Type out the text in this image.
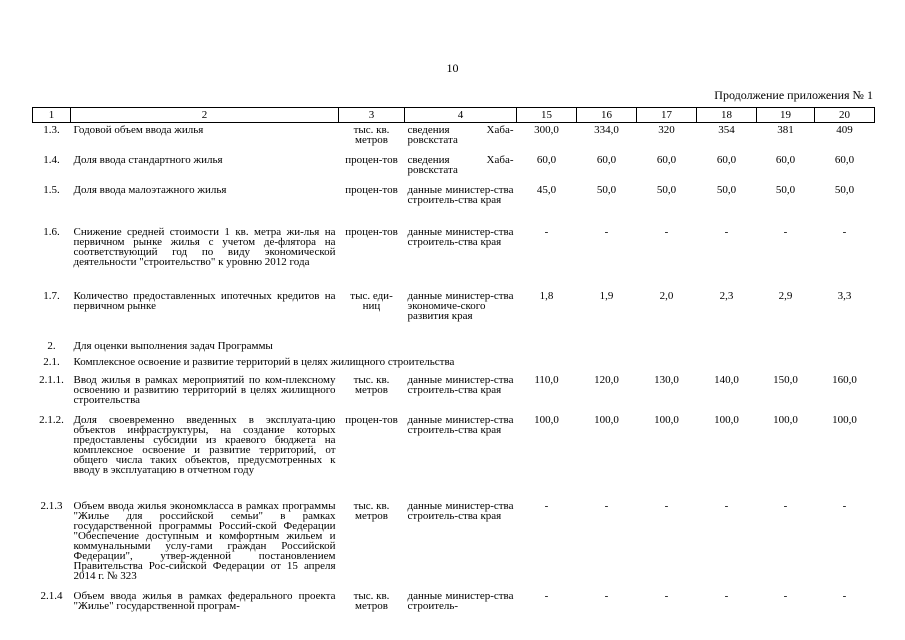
10
Продолжение приложения № 1
1	2	3	4	15	16	17	18	19	20
1.3.	Годовой объем ввода жилья	тыс. кв. метров	сведения Хаба-ровскстата	300,0	334,0	320	354	381	409
1.4.	Доля ввода стандартного жилья	процен-тов	сведения Хаба-ровскстата	60,0	60,0	60,0	60,0	60,0	60,0
1.5.	Доля ввода малоэтажного жилья	процен-тов	данные министер-ства строитель-ства края	45,0	50,0	50,0	50,0	50,0	50,0
1.6.	Снижение средней стоимости 1 кв. метра жи-лья на первичном рынке жилья с учетом де-флятора на соответствующий год по виду экономической деятельности "строительство" к уровню 2012 года	процен-тов	данные министер-ства строитель-ства края	-	-	-	-	-	-
1.7.	Количество предоставленных ипотечных кредитов на первичном рынке	тыс. еди-ниц	данные министер-ства экономиче-ского развития края	1,8	1,9	2,0	2,3	2,9	3,3
2.	Для оценки выполнения задач Программы								
2.1.	Комплексное освоение и развитие территорий в целях жилищного строительства								
2.1.1.	Ввод жилья в рамках мероприятий по ком-плексному освоению и развитию территорий в целях жилищного строительства	тыс. кв. метров	данные министер-ства строитель-ства края	110,0	120,0	130,0	140,0	150,0	160,0
2.1.2.	Доля своевременно введенных в эксплуата-цию объектов инфраструктуры, на создание которых предоставлены субсидии из краевого бюджета на комплексное освоение и развитие территорий, от общего числа таких объектов, предусмотренных к вводу в эксплуатацию в отчетном году	процен-тов	данные министер-ства строитель-ства края	100,0	100,0	100,0	100,0	100,0	100,0
2.1.3	Объем ввода жилья экономкласса в рамках программы "Жилье для российской семьи" в рамках государственной программы Россий-ской Федерации "Обеспечение доступным и комфортным жильем и коммунальными услу-гами граждан Российской Федерации", утвер-жденной постановлением Правительства Рос-сийской Федерации от 15 апреля 2014 г. № 323	тыс. кв. метров	данные министер-ства строитель-ства края	-	-	-	-	-	-
2.1.4	Объем ввода жилья в рамках федерального проекта "Жилье" государственной програм-	тыс. кв. метров	данные министер-ства строитель-	-	-	-	-	-	-
